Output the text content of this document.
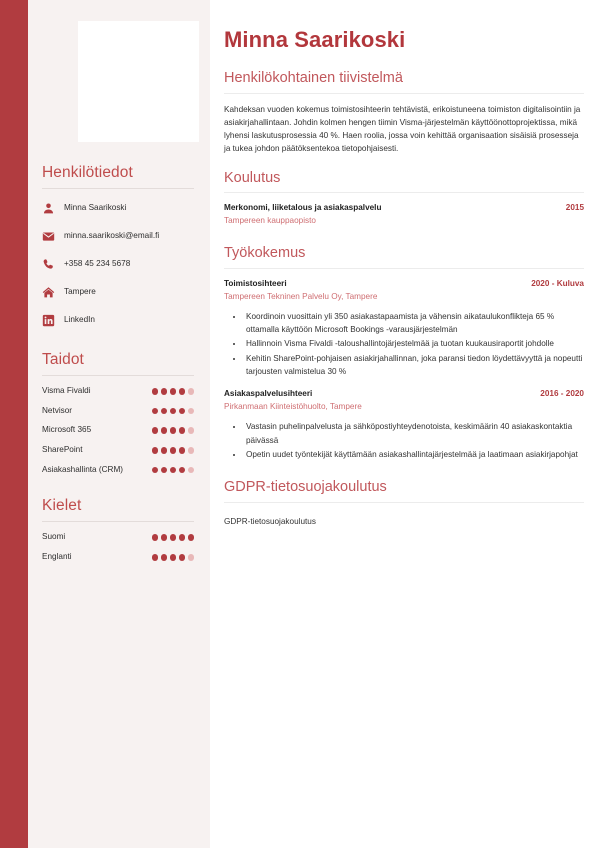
Henkilötiedot
Minna Saarikoski
minna.saarikoski@email.fi
+358 45 234 5678
Tampere
LinkedIn
Taidot
Visma Fivaldi
Netvisor
Microsoft 365
SharePoint
Asiakashallinta (CRM)
Kielet
Suomi
Englanti
Minna Saarikoski
Henkilökohtainen tiivistelmä

Kahdeksan vuoden kokemus toimistosihteerin tehtävistä, erikoistuneena toimiston digitalisointiin ja asiakirjahallintaan. Johdin kolmen hengen tiimin Visma-järjestelmän käyttöönottoprojektissa, mikä lyhensi laskutusprosessia 40 %. Haen roolia, jossa voin kehittää organisaation sisäisiä prosesseja ja tukea johdon päätöksentekoa tietopohjaisesti.

Koulutus
Merkonomi, liiketalous ja asiakaspalvelu	2015
Tampereen kauppaopisto
Työkokemus
Toimistosihteeri	2020 - Kuluva
Tampereen Tekninen Palvelu Oy, Tampere
• Koordinoin vuosittain yli 350 asiakastapaamista ja vähensin aikataulukonflikteja 65 % ottamalla käyttöön Microsoft Bookings -varausjärjestelmän
• Hallinnoin Visma Fivaldi -taloushallintojärjestelmää ja tuotan kuukausiraportit johdolle
• Kehitin SharePoint-pohjaisen asiakirjahallinnan, joka paransi tiedon löydettävyyttä ja nopeutti tarjousten valmistelua 30 %
Asiakaspalvelusihteeri	2016 - 2020
Pirkanmaan Kiinteistöhuolto, Tampere
• Vastasin puhelinpalvelusta ja sähköpostiyhteydenotoista, keskimäärin 40 asiakaskontaktia päivässä
• Opetin uudet työntekijät käyttämään asiakashallintajärjestelmää ja laatimaan asiakirjapohjat
GDPR-tietosuojakoulutus

GDPR-tietosuojakoulutus
